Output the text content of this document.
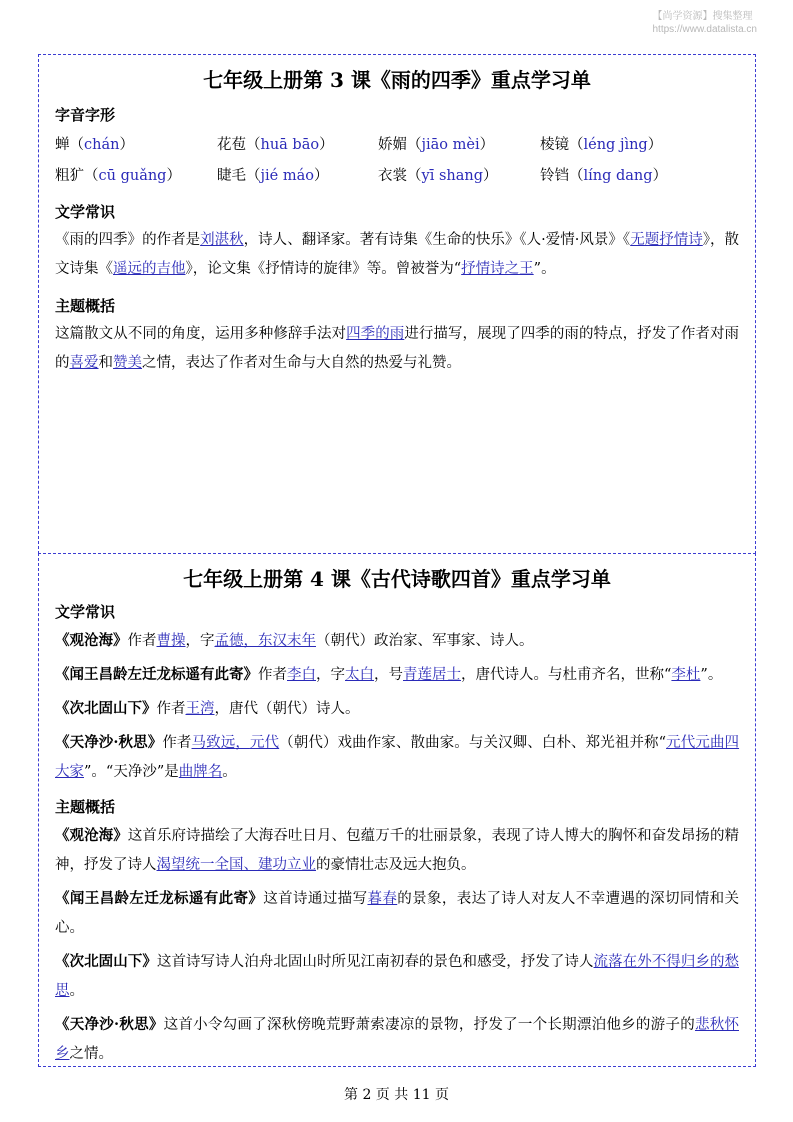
【尚学资源】搜集整理
https://www.datalista.cn
七年级上册第 3 课《雨的四季》重点学习单
字音字形
蝉（chán）	花苞（huā bāo）	娇媚（jiāo mèi）	棱镜（léng jìng）
粗犷（cū guǎng）	睫毛（jié máo）	衣裳（yī shang）	铃铛（líng dang）
文学常识

《雨的四季》的作者是刘湛秋，诗人、翻译家。著有诗集《生命的快乐》《人·爱情·风景》《无题抒情诗》，散文诗集《遥远的吉他》，论文集《抒情诗的旋律》等。曾被誉为“抒情诗之王”。

主题概括

这篇散文从不同的角度，运用多种修辞手法对四季的雨进行描写，展现了四季的雨的特点，抒发了作者对雨的喜爱和赞美之情，表达了作者对生命与大自然的热爱与礼赞。

七年级上册第 4 课《古代诗歌四首》重点学习单
文学常识

《观沧海》作者曹操，字孟德，东汉末年（朝代）政治家、军事家、诗人。

《闻王昌龄左迁龙标遥有此寄》作者李白，字太白，号青莲居士，唐代诗人。与杜甫齐名，世称“李杜”。

《次北固山下》作者王湾，唐代（朝代）诗人。

《天净沙·秋思》作者马致远，元代（朝代）戏曲作家、散曲家。与关汉卿、白朴、郑光祖并称“元代元曲四大家”。“天净沙”是曲牌名。

主题概括

《观沧海》这首乐府诗描绘了大海吞吐日月、包蕴万千的壮丽景象，表现了诗人博大的胸怀和奋发昂扬的精神，抒发了诗人渴望统一全国、建功立业的豪情壮志及远大抱负。

《闻王昌龄左迁龙标遥有此寄》这首诗通过描写暮春的景象，表达了诗人对友人不幸遭遇的深切同情和关心。

《次北固山下》这首诗写诗人泊舟北固山时所见江南初春的景色和感受，抒发了诗人流落在外不得归乡的愁思。

《天净沙·秋思》这首小令勾画了深秋傍晚荒野萧索凄凉的景物，抒发了一个长期漂泊他乡的游子的悲秋怀乡之情。

第 2 页 共 11 页
